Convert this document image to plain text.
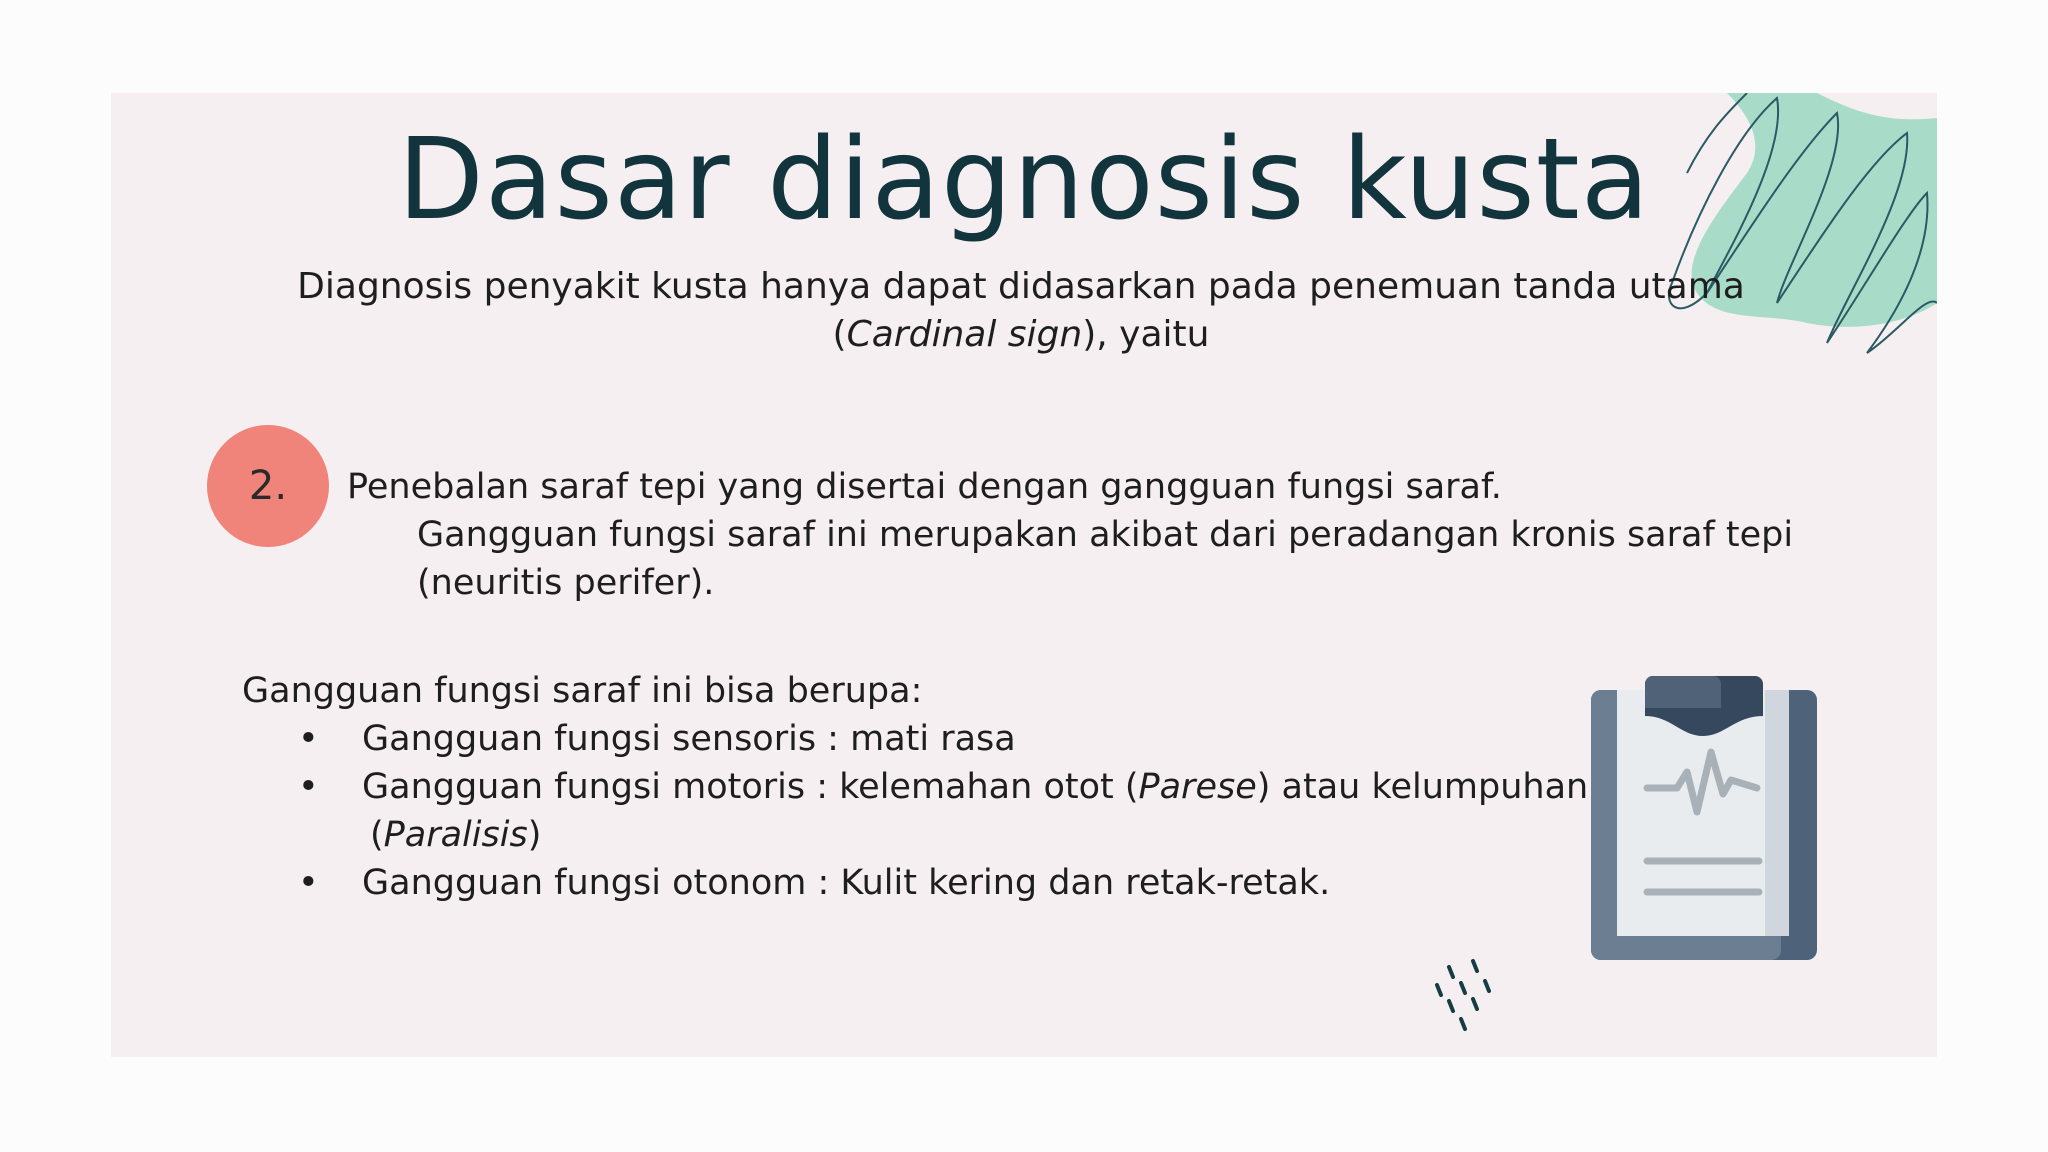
Dasar diagnosis kusta
Diagnosis penyakit kusta hanya dapat didasarkan pada penemuan tanda utama
(Cardinal sign), yaitu
2. Penebalan saraf tepi yang disertai dengan gangguan fungsi saraf.
Gangguan fungsi saraf ini merupakan akibat dari peradangan kronis saraf tepi
(neuritis perifer).
Gangguan fungsi saraf ini bisa berupa:
• Gangguan fungsi sensoris : mati rasa
• Gangguan fungsi motoris : kelemahan otot (Parese) atau kelumpuhan
(Paralisis)
• Gangguan fungsi otonom : Kulit kering dan retak-retak.
